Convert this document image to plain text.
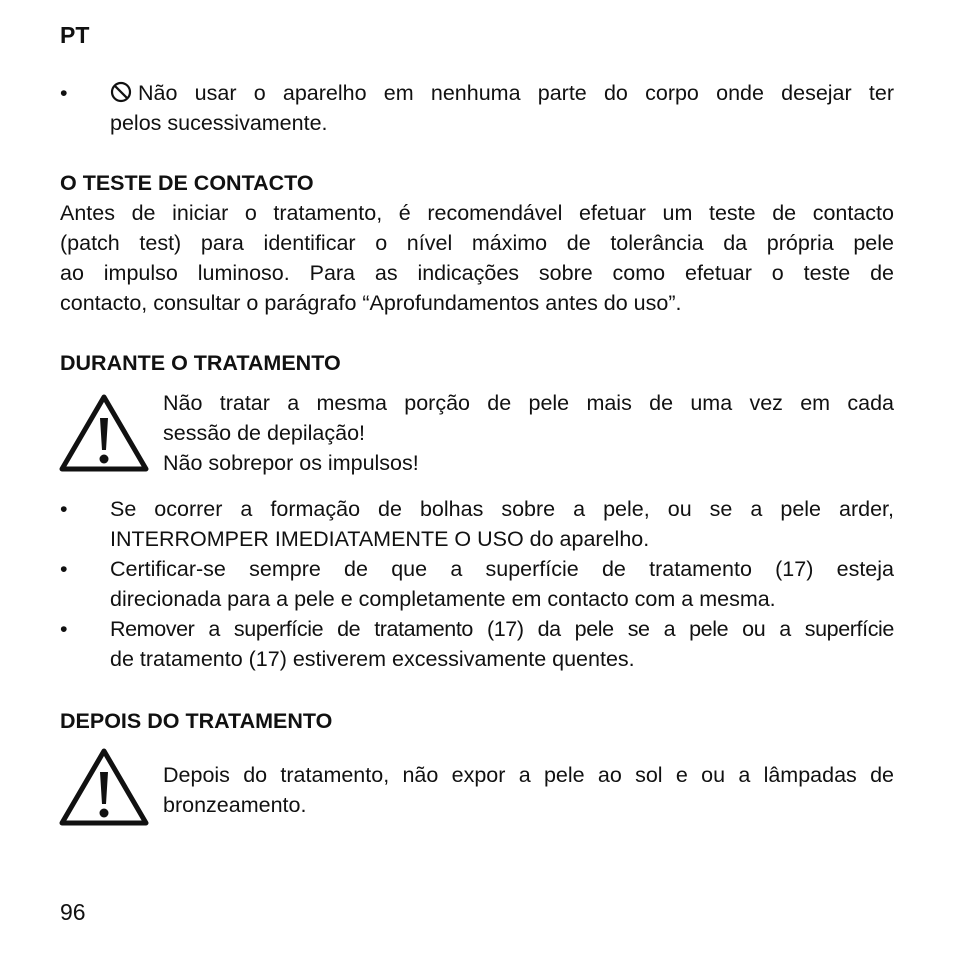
PT
•	Não usar o aparelho em nenhuma parte do corpo onde desejar ter
pelos sucessivamente.
O TESTE DE CONTACTO
Antes de iniciar o tratamento, é recomendável efetuar um teste de contacto
(patch test) para identificar o nível máximo de tolerância da própria pele
ao impulso luminoso. Para as indicações sobre como efetuar o teste de
contacto, consultar o parágrafo “Aprofundamentos antes do uso”.
DURANTE O TRATAMENTO
Não tratar a mesma porção de pele mais de uma vez em cada
sessão de depilação!
Não sobrepor os impulsos!
•	Se ocorrer a formação de bolhas sobre a pele, ou se a pele arder,
INTERROMPER IMEDIATAMENTE O USO do aparelho.
•	Certificar-se sempre de que a superfície de tratamento (17) esteja
direcionada para a pele e completamente em contacto com a mesma.
•	Remover a superfície de tratamento (17) da pele se a pele ou a superfície
de tratamento (17) estiverem excessivamente quentes.
DEPOIS DO TRATAMENTO
Depois do tratamento, não expor a pele ao sol e ou a lâmpadas de
bronzeamento.
96
